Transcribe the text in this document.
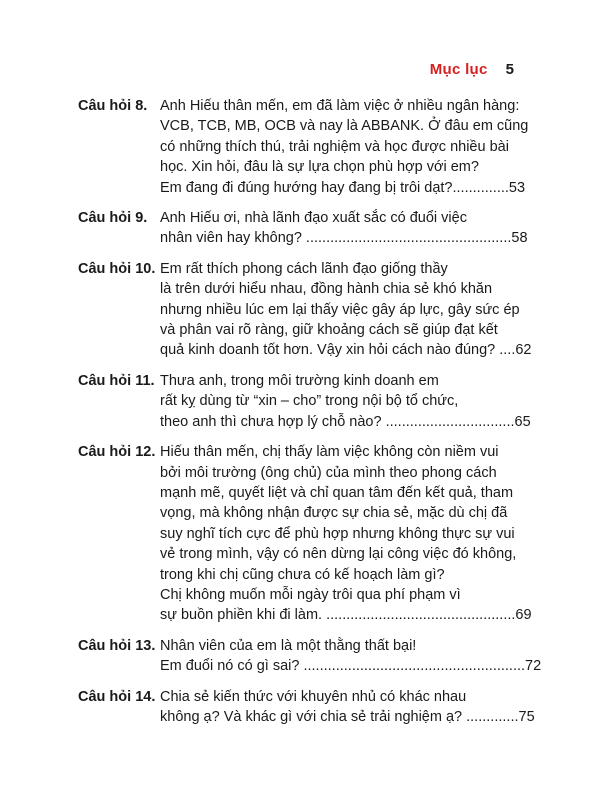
Mục lục 5
Câu hỏi 8. Anh Hiếu thân mến, em đã làm việc ở nhiều ngân hàng:
VCB, TCB, MB, OCB và nay là ABBANK. Ở đâu em cũng
có những thích thú, trải nghiệm và học được nhiều bài
học. Xin hỏi, đâu là sự lựa chọn phù hợp với em?
Em đang đi đúng hướng hay đang bị trôi dạt?..............53
Câu hỏi 9. Anh Hiếu ơi, nhà lãnh đạo xuất sắc có đuổi việc
nhân viên hay không? ...................................................58
Câu hỏi 10. Em rất thích phong cách lãnh đạo giống thầy
là trên dưới hiểu nhau, đồng hành chia sẻ khó khăn
nhưng nhiều lúc em lại thấy việc gây áp lực, gây sức ép
và phân vai rõ ràng, giữ khoảng cách sẽ giúp đạt kết
quả kinh doanh tốt hơn. Vậy xin hỏi cách nào đúng? ....62
Câu hỏi 11. Thưa anh, trong môi trường kinh doanh em
rất kỵ dùng từ “xin – cho” trong nội bộ tổ chức,
theo anh thì chưa hợp lý chỗ nào? ................................65
Câu hỏi 12. Hiếu thân mến, chị thấy làm việc không còn niềm vui
bởi môi trường (ông chủ) của mình theo phong cách
mạnh mẽ, quyết liệt và chỉ quan tâm đến kết quả, tham
vọng, mà không nhận được sự chia sẻ, mặc dù chị đã
suy nghĩ tích cực để phù hợp nhưng không thực sự vui
vẻ trong mình, vậy có nên dừng lại công việc đó không,
trong khi chị cũng chưa có kế hoạch làm gì?
Chị không muốn mỗi ngày trôi qua phí phạm vì
sự buồn phiền khi đi làm. ...............................................69
Câu hỏi 13. Nhân viên của em là một thằng thất bại!
Em đuổi nó có gì sai? .......................................................72
Câu hỏi 14. Chia sẻ kiến thức với khuyên nhủ có khác nhau
không ạ? Và khác gì với chia sẻ trải nghiệm ạ? .............75
